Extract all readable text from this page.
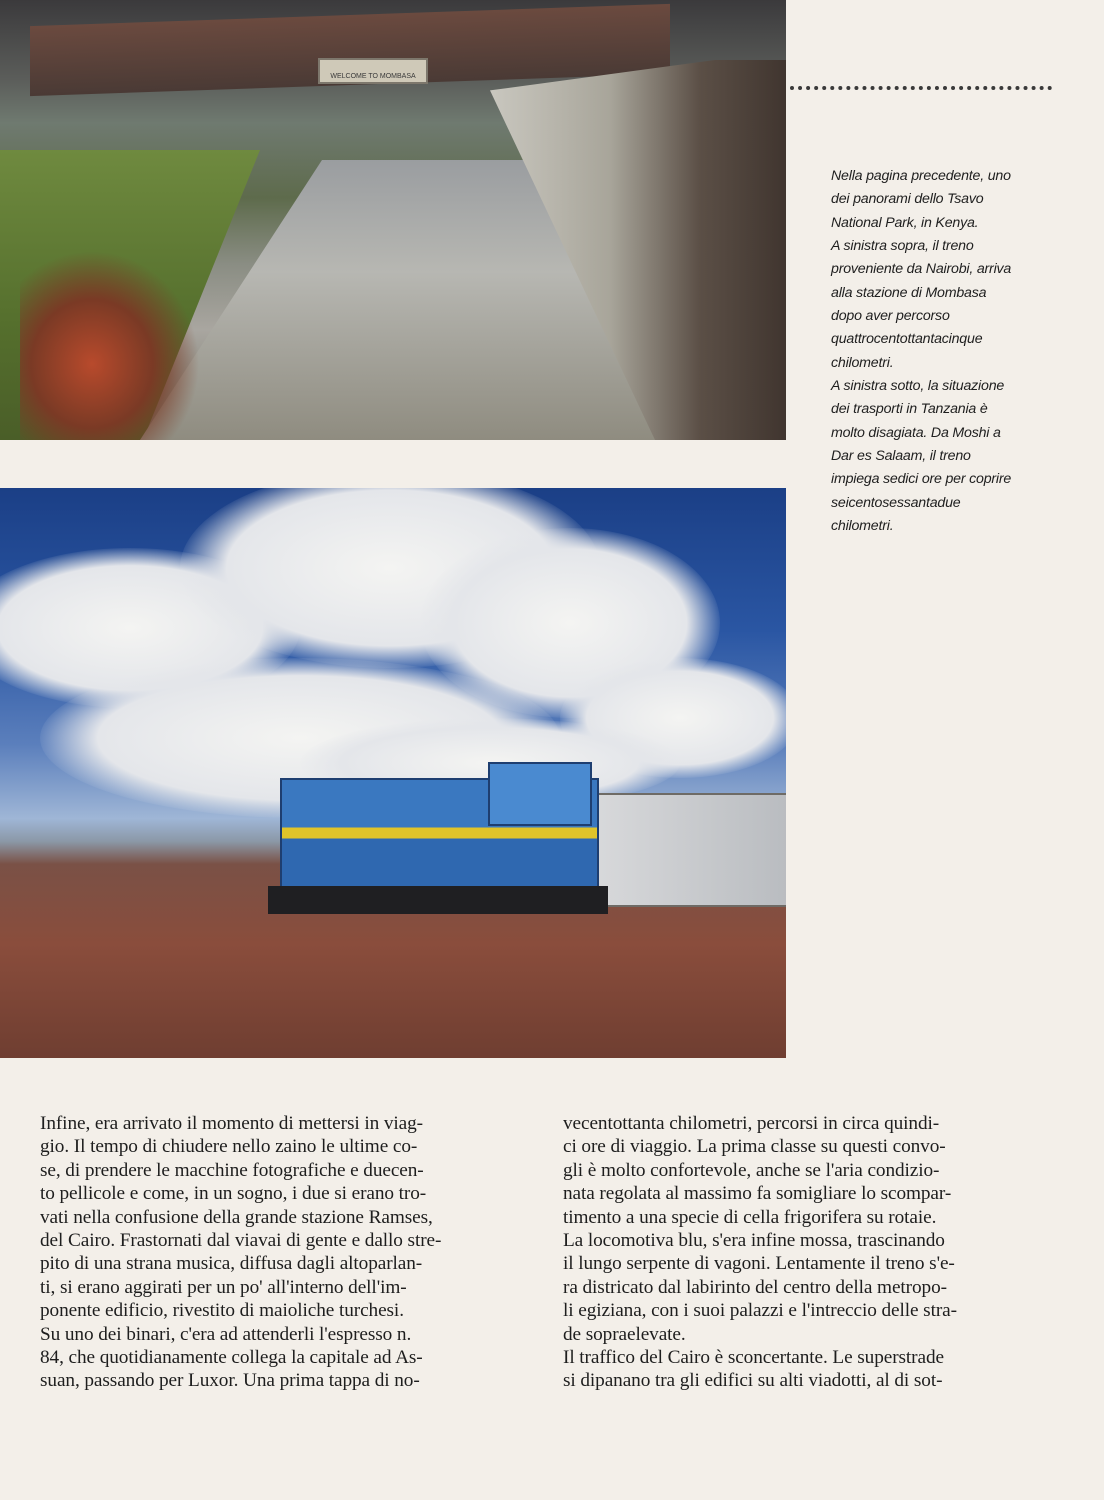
WELCOME TO MOMBASA
Nella pagina precedente, uno
dei panorami dello Tsavo
National Park, in Kenya.
A sinistra sopra, il treno
proveniente da Nairobi, arriva
alla stazione di Mombasa
dopo aver percorso
quattrocentottantacinque
chilometri.
A sinistra sotto, la situazione
dei trasporti in Tanzania è
molto disagiata. Da Moshi a
Dar es Salaam, il treno
impiega sedici ore per coprire
seicentosessantadue
chilometri.
Infine, era arrivato il momento di mettersi in viag-
gio. Il tempo di chiudere nello zaino le ultime co-
se, di prendere le macchine fotografiche e duecen-
to pellicole e come, in un sogno, i due si erano tro-
vati nella confusione della grande stazione Ramses,
del Cairo. Frastornati dal viavai di gente e dallo stre-
pito di una strana musica, diffusa dagli altoparlan-
ti, si erano aggirati per un po' all'interno dell'im-
ponente edificio, rivestito di maioliche turchesi.
Su uno dei binari, c'era ad attenderli l'espresso n.
84, che quotidianamente collega la capitale ad As-
suan, passando per Luxor. Una prima tappa di no-
vecentottanta chilometri, percorsi in circa quindi-
ci ore di viaggio. La prima classe su questi convo-
gli è molto confortevole, anche se l'aria condizio-
nata regolata al massimo fa somigliare lo scompar-
timento a una specie di cella frigorifera su rotaie.
La locomotiva blu, s'era infine mossa, trascinando
il lungo serpente di vagoni. Lentamente il treno s'e-
ra districato dal labirinto del centro della metropo-
li egiziana, con i suoi palazzi e l'intreccio delle stra-
de sopraelevate.
Il traffico del Cairo è sconcertante. Le superstrade
si dipanano tra gli edifici su alti viadotti, al di sot-
